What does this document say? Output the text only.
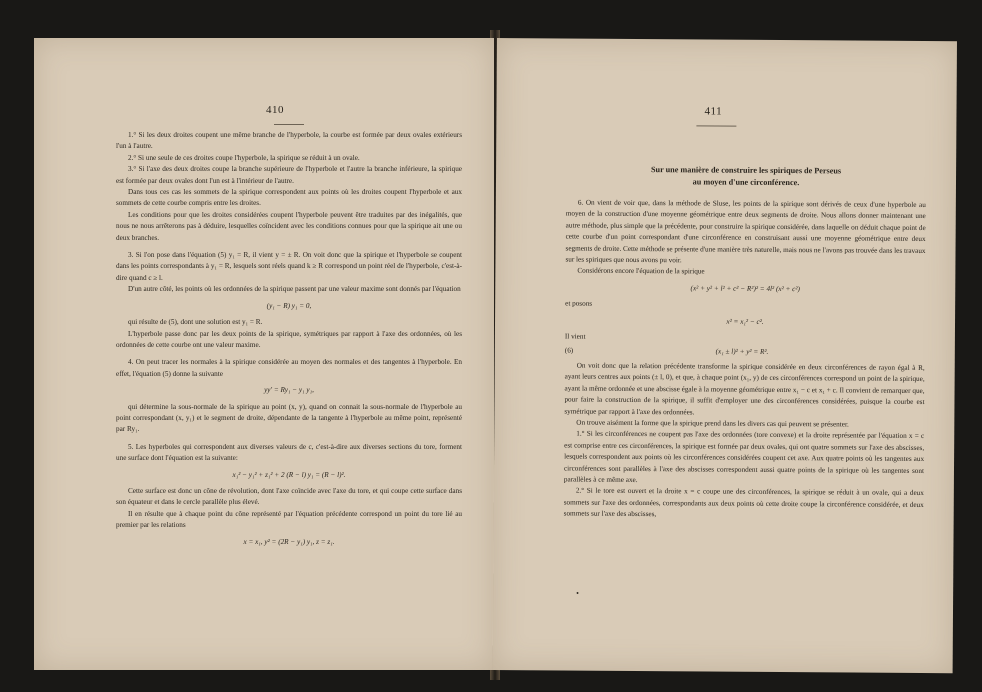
410

1.° Si les deux droites coupent une même branche de l'hyperbole, la courbe est formée par deux ovales extérieurs l'un à l'autre.

2.° Si une seule de ces droites coupe l'hyperbole, la spirique se réduit à un ovale.

3.° Si l'axe des deux droites coupe la branche supérieure de l'hyperbole et l'autre la branche inférieure, la spirique est formée par deux ovales dont l'un est à l'intérieur de l'autre.

Dans tous ces cas les sommets de la spirique correspondent aux points où les droites coupent l'hyperbole et aux sommets de cette courbe compris entre les droites.

Les conditions pour que les droites considérées coupent l'hyperbole peuvent être traduites par des inégalités, que nous ne nous arrêterons pas à déduire, lesquelles coïncident avec les conditions connues pour que la spirique ait une ou deux branches.

3. Si l'on pose dans l'équation (5) y₁ = R, il vient y = ± R. On voit donc que la spirique et l'hyperbole se coupent dans les points correspondants à y₁ = R, lesquels sont réels quand k ≥ R correspond un point réel de l'hyperbole, c'est-à-dire quand c ≥ l.

D'un autre côté, les points où les ordonnées de la spirique passent par une valeur maxime sont donnés par l'équation

(y₁ − R) y₁ = 0,

qui résulte de (5), dont une solution est y₁ = R.

L'hyperbole passe donc par les deux points de la spirique, symétriques par rapport à l'axe des ordonnées, où les ordonnées de cette courbe ont une valeur maxime.

4. On peut tracer les normales à la spirique considérée au moyen des normales et des tangentes à l'hyperbole. En effet, l'équation (5) donne la suivante

yy′ = Ry₁ − y₁ y₁,

qui détermine la sous-normale de la spirique au point (x, y), quand on connait la sous-normale de l'hyperbole au point correspondant (x, y₁) et le segment de droite, dépendante de la tangente à l'hyperbole au même point, représenté par Ry₁.

5. Les hyperboles qui correspondent aux diverses valeurs de c, c'est-à-dire aux diverses sections du tore, forment une surface dont l'équation est la suivante:

x₁² − y₁² + z₁² + 2 (R − l) y₁ = (R − l)².

Cette surface est donc un cône de révolution, dont l'axe coïncide avec l'axe du tore, et qui coupe cette surface dans son équateur et dans le cercle parallèle plus élevé.

Il en résulte que à chaque point du cône représenté par l'équation précédente correspond un point du tore lié au premier par les relations

x = x₁, y² = (2R − y₁) y₁, z = z₁.

411
Sur une manière de construire les spiriques de Perseus
au moyen d'une circonférence.

6. On vient de voir que, dans la méthode de Sluse, les points de la spirique sont dérivés de ceux d'une hyperbole au moyen de la construction d'une moyenne géométrique entre deux segments de droite. Nous allons donner maintenant une autre méthode, plus simple que la précédente, pour construire la spirique considérée, dans laquelle on déduit chaque point de cette courbe d'un point correspondant d'une circonférence en construisant aussi une moyenne géométrique entre deux segments de droite. Cette méthode se présente d'une manière très naturelle, mais nous ne l'avons pas trouvée dans les travaux sur les spiriques que nous avons pu voir.

Considérons encore l'équation de la spirique

(x² + y² + l² + c² − R²)² = 4l² (x² + c²)

et posons

x² = x₁² − c².

Il vient

(6)	(x₁ ± l)² + y² = R².

On voit donc que la relation précédente transforme la spirique considérée en deux circonférences de rayon égal à R, ayant leurs centres aux points (± l, 0), et que, à chaque point (x₁, y) de ces circonférences correspond un point de la spirique, ayant la même ordonnée et une abscisse égale à la moyenne géométrique entre x₁ − c et x₁ + c. Il convient de remarquer que, pour faire la construction de la spirique, il suffit d'employer une des circonférences considérées, puisque la courbe est symétrique par rapport à l'axe des ordonnées.

On trouve aisément la forme que la spirique prend dans les divers cas qui peuvent se présenter.

1.° Si les circonférences ne coupent pas l'axe des ordonnées (tore convexe) et la droite représentée par l'équation x = c est comprise entre ces circonférences, la spirique est formée par deux ovales, qui ont quatre sommets sur l'axe des abscisses, lesquels correspondent aux points où les circonférences considérées coupent cet axe. Aux quatre points où les tangentes aux circonférences sont parallèles à l'axe des abscisses correspondent aussi quatre points de la spirique où les tangentes sont parallèles à ce même axe.

2.° Si le tore est ouvert et la droite x = c coupe une des circonférences, la spirique se réduit à un ovale, qui a deux sommets sur l'axe des ordonnées, correspondants aux deux points où cette droite coupe la circonférence considérée, et deux sommets sur l'axe des abscisses,

•
